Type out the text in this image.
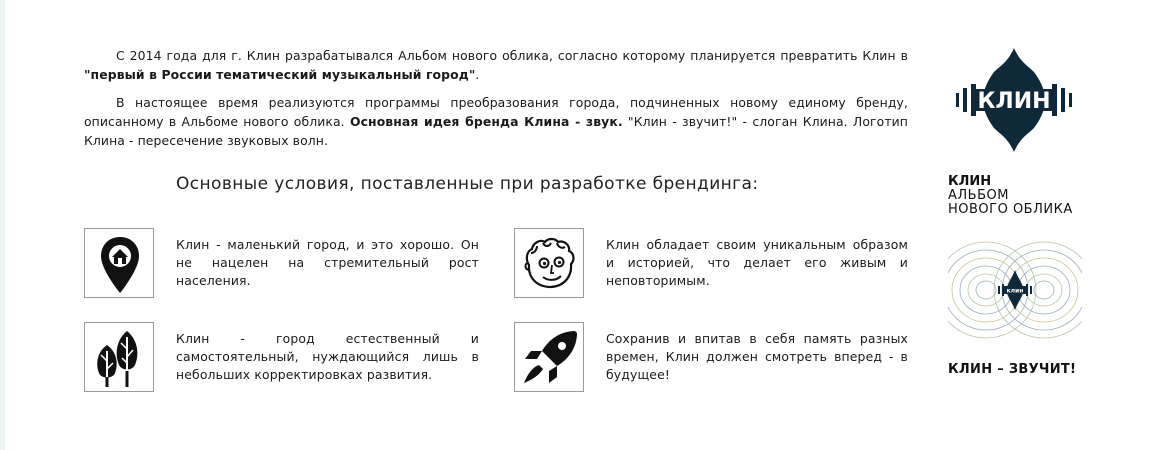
С 2014 года для г. Клин разрабатывался Альбом нового облика, согласно которому планируется превратить Клин в "первый в России тематический музыкальный город".

В настоящее время реализуются программы преобразования города, подчиненных новому единому бренду, описанному в Альбоме нового облика. Основная идея бренда Клина - звук. "Клин - звучит!" - слоган Клина. Логотип Клина - пересечение звуковых волн.

Основные условия, поставленные при разработке брендинга:

Клин - маленький город, и это хорошо. Он не нацелен на стремительный рост населения.

Клин обладает своим уникальным образом и историей, что делает его живым и неповторимым.

Клин - город естественный и самостоятельный, нуждающийся лишь в небольших корректировках развития.

Сохранив и впитав в себя память разных времен, Клин должен смотреть вперед - в будущее!

КЛИН
КЛИН
АЛЬБОМ
НОВОГО ОБЛИКА
клин

КЛИН – ЗВУЧИТ!
